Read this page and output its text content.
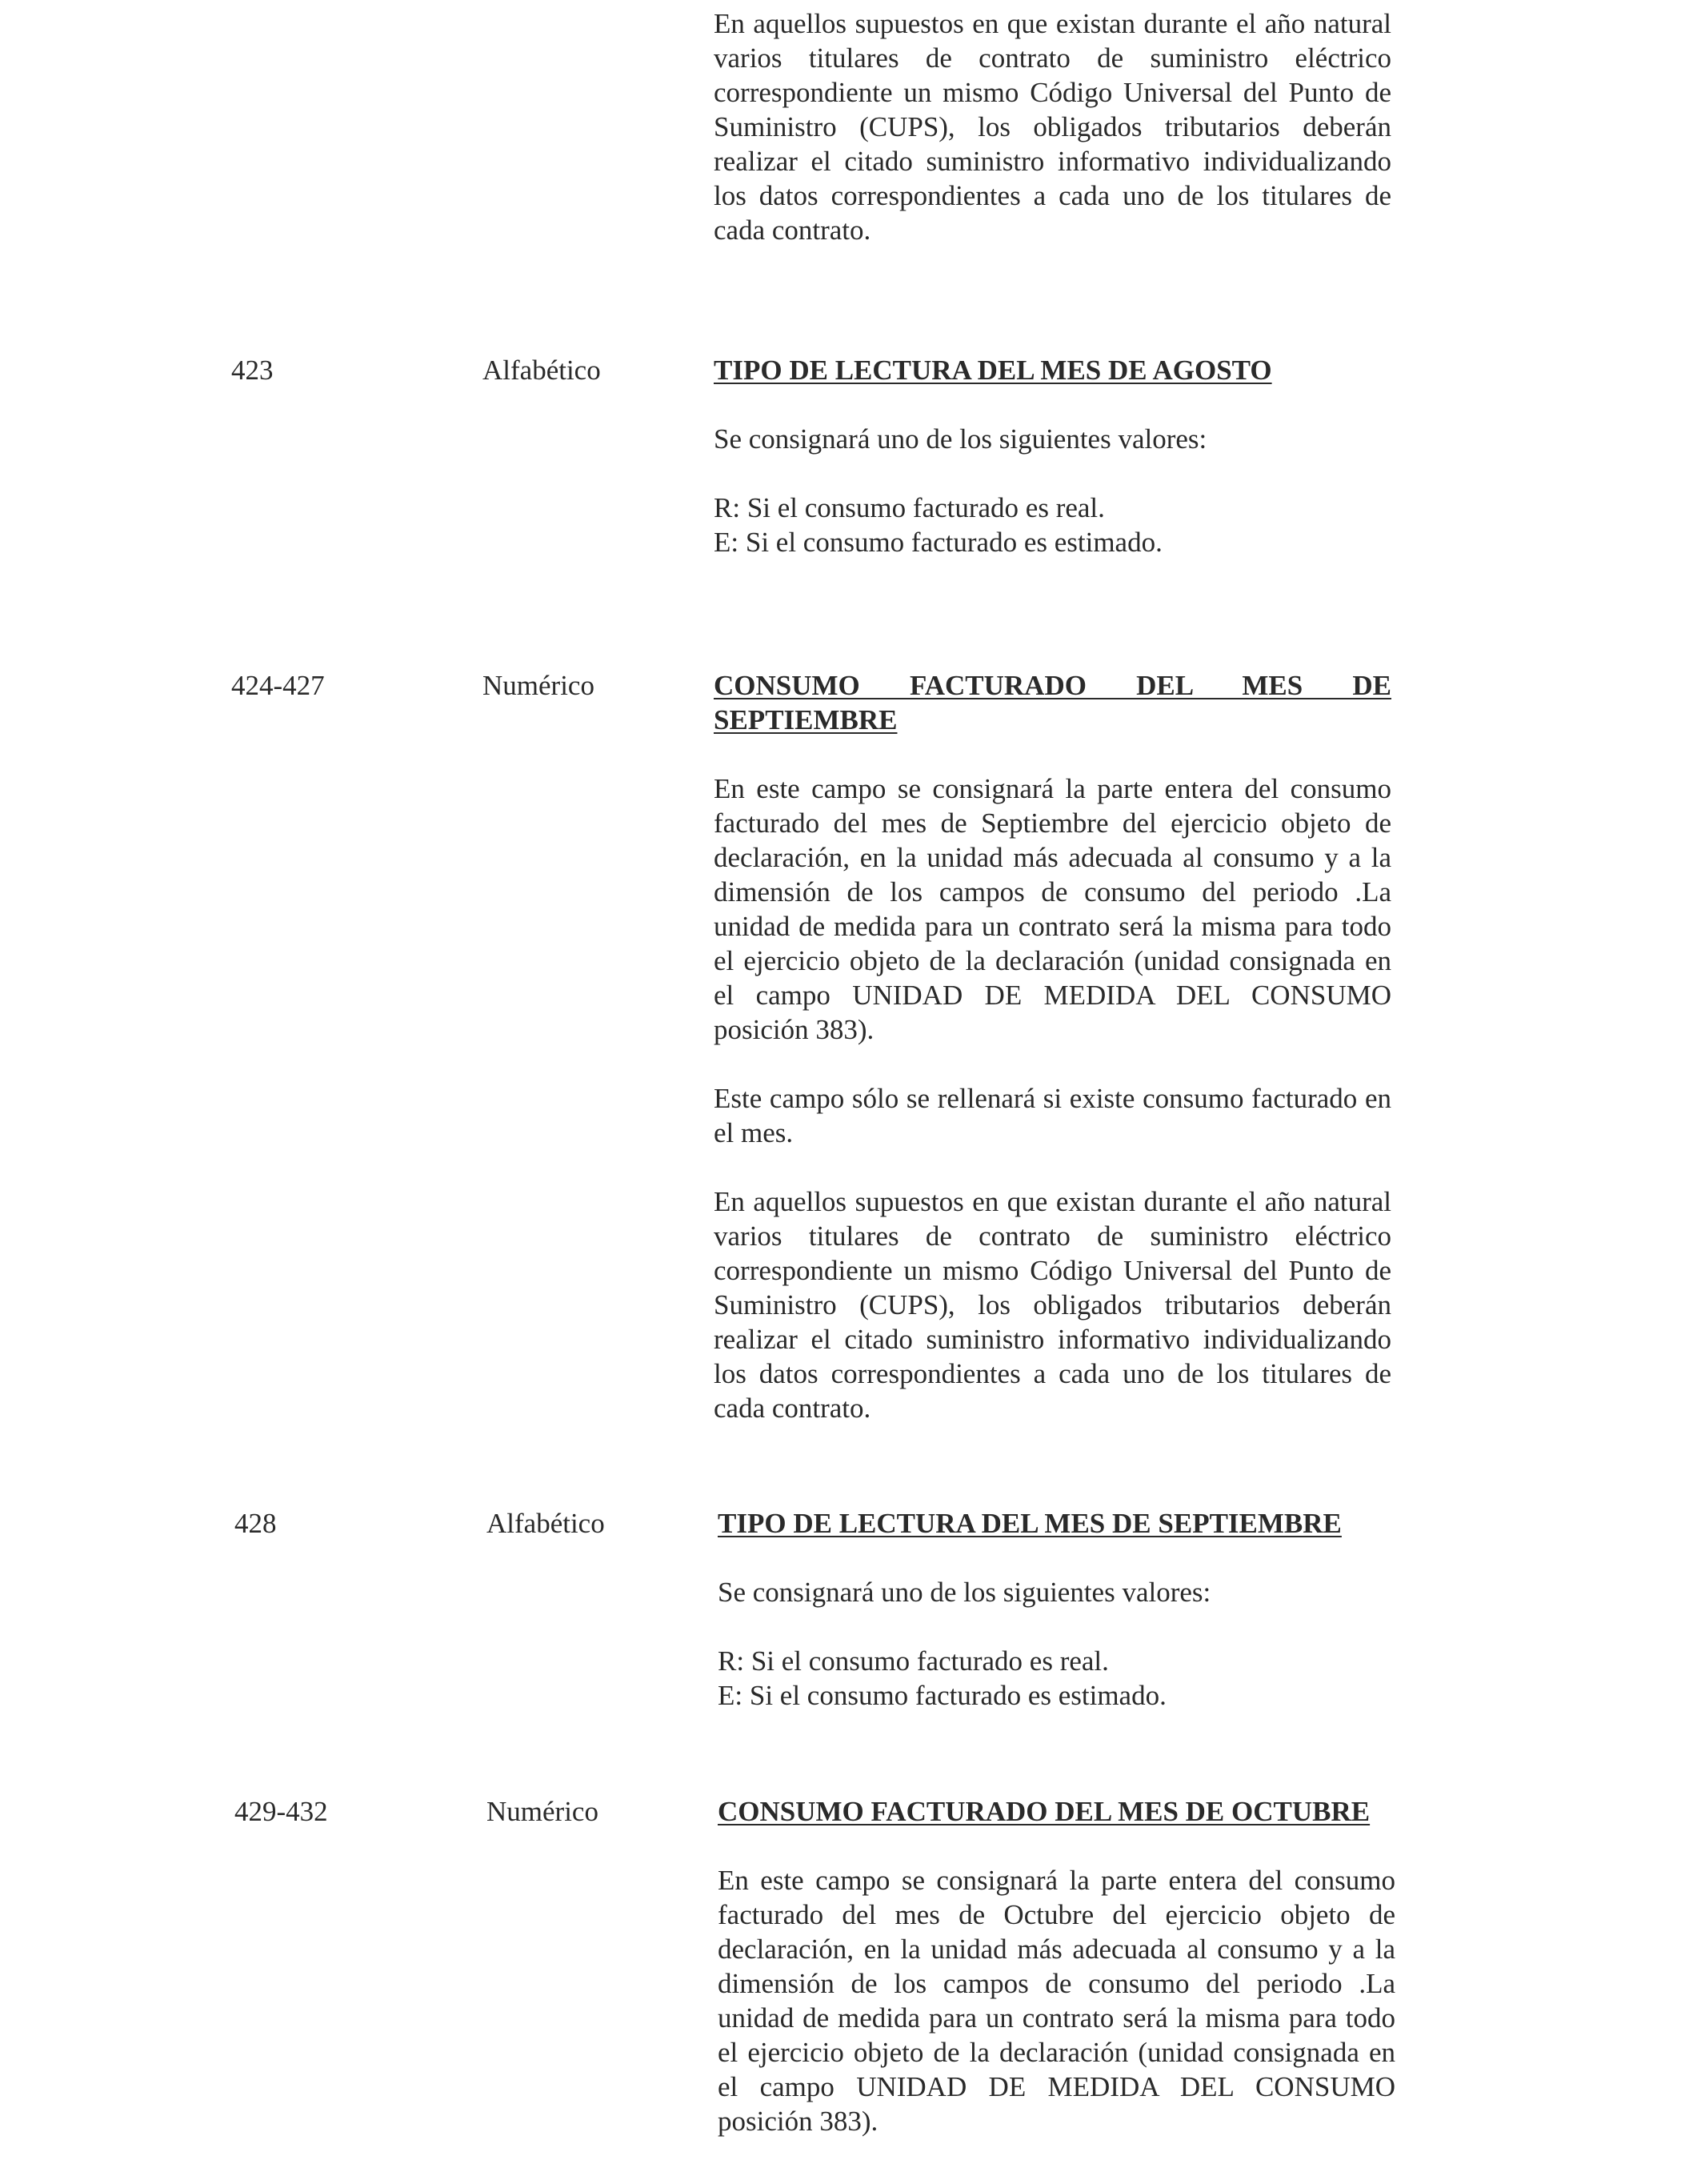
En aquellos supuestos en que existan durante el año natural varios titulares de contrato de suministro eléctrico correspondiente un mismo Código Universal del Punto de Suministro (CUPS), los obligados tributarios deberán realizar el citado suministro informativo individualizando los datos correspondientes a cada uno de los titulares de cada contrato.

423	Alfabético	TIPO DE LECTURA DEL MES DE AGOSTO

Se consignará uno de los siguientes valores:

R: Si el consumo facturado es real.

E: Si el consumo facturado es estimado.

424-427	Numérico	CONSUMO FACTURADO DEL MES DE SEPTIEMBRE

En este campo se consignará la parte entera del consumo facturado del mes de Septiembre del ejercicio objeto de declaración, en la unidad más adecuada al consumo y a la dimensión de los campos de consumo del periodo .La unidad de medida para un contrato será la misma para todo el ejercicio objeto de la declaración (unidad consignada en el campo UNIDAD DE MEDIDA DEL CONSUMO posición 383).

Este campo sólo se rellenará si existe consumo facturado en el mes.

En aquellos supuestos en que existan durante el año natural varios titulares de contrato de suministro eléctrico correspondiente un mismo Código Universal del Punto de Suministro (CUPS), los obligados tributarios deberán realizar el citado suministro informativo individualizando los datos correspondientes a cada uno de los titulares de cada contrato.

428	Alfabético	TIPO DE LECTURA DEL MES DE SEPTIEMBRE

Se consignará uno de los siguientes valores:

R: Si el consumo facturado es real.

E: Si el consumo facturado es estimado.

429-432	Numérico	CONSUMO FACTURADO DEL MES DE OCTUBRE

En este campo se consignará la parte entera del consumo facturado del mes de Octubre del ejercicio objeto de declaración, en la unidad más adecuada al consumo y a la dimensión de los campos de consumo del periodo .La unidad de medida para un contrato será la misma para todo el ejercicio objeto de la declaración (unidad consignada en el campo UNIDAD DE MEDIDA DEL CONSUMO posición 383).
